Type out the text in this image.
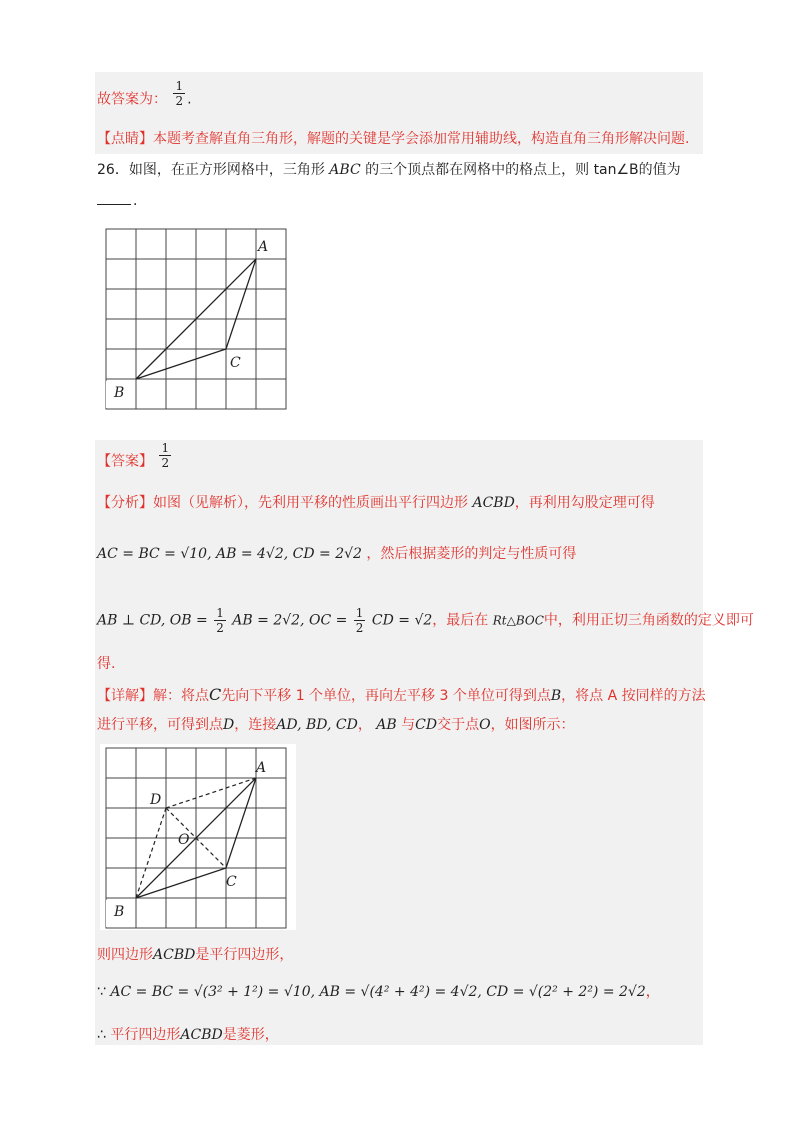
故答案为： $\frac{1}{2}$ .
【点睛】本题考查解直角三角形，解题的关键是学会添加常用辅助线，构造直角三角形解决问题.
26．如图，在正方形网格中，三角形 ABC 的三个顶点都在网格中的格点上，则 tan∠B的值为
.
A
B
C
【答案】 $\frac{1}{2}$
【分析】如图（见解析），先利用平移的性质画出平行四边形 ACBD，再利用勾股定理可得
AC = BC = √10, AB = 4√2, CD = 2√2 ，然后根据菱形的判定与性质可得
AB ⊥ CD, OB = $\frac{1}{2}$ AB = 2√2, OC = $\frac{1}{2}$ CD = √2，最后在 Rt△BOC中，利用正切三角函数的定义即可
得.
【详解】解：将点C先向下平移 1 个单位，再向左平移 3 个单位可得到点B，将点 A 按同样的方法
进行平移，可得到点D，连接AD, BD, CD， AB 与CD交于点O，如图所示：
A
B
C
D
O
则四边形ACBD是平行四边形，
∵ AC = BC = √(3² + 1²) = √10, AB = √(4² + 4²) = 4√2, CD = √(2² + 2²) = 2√2，
∴ 平行四边形ACBD是菱形，
